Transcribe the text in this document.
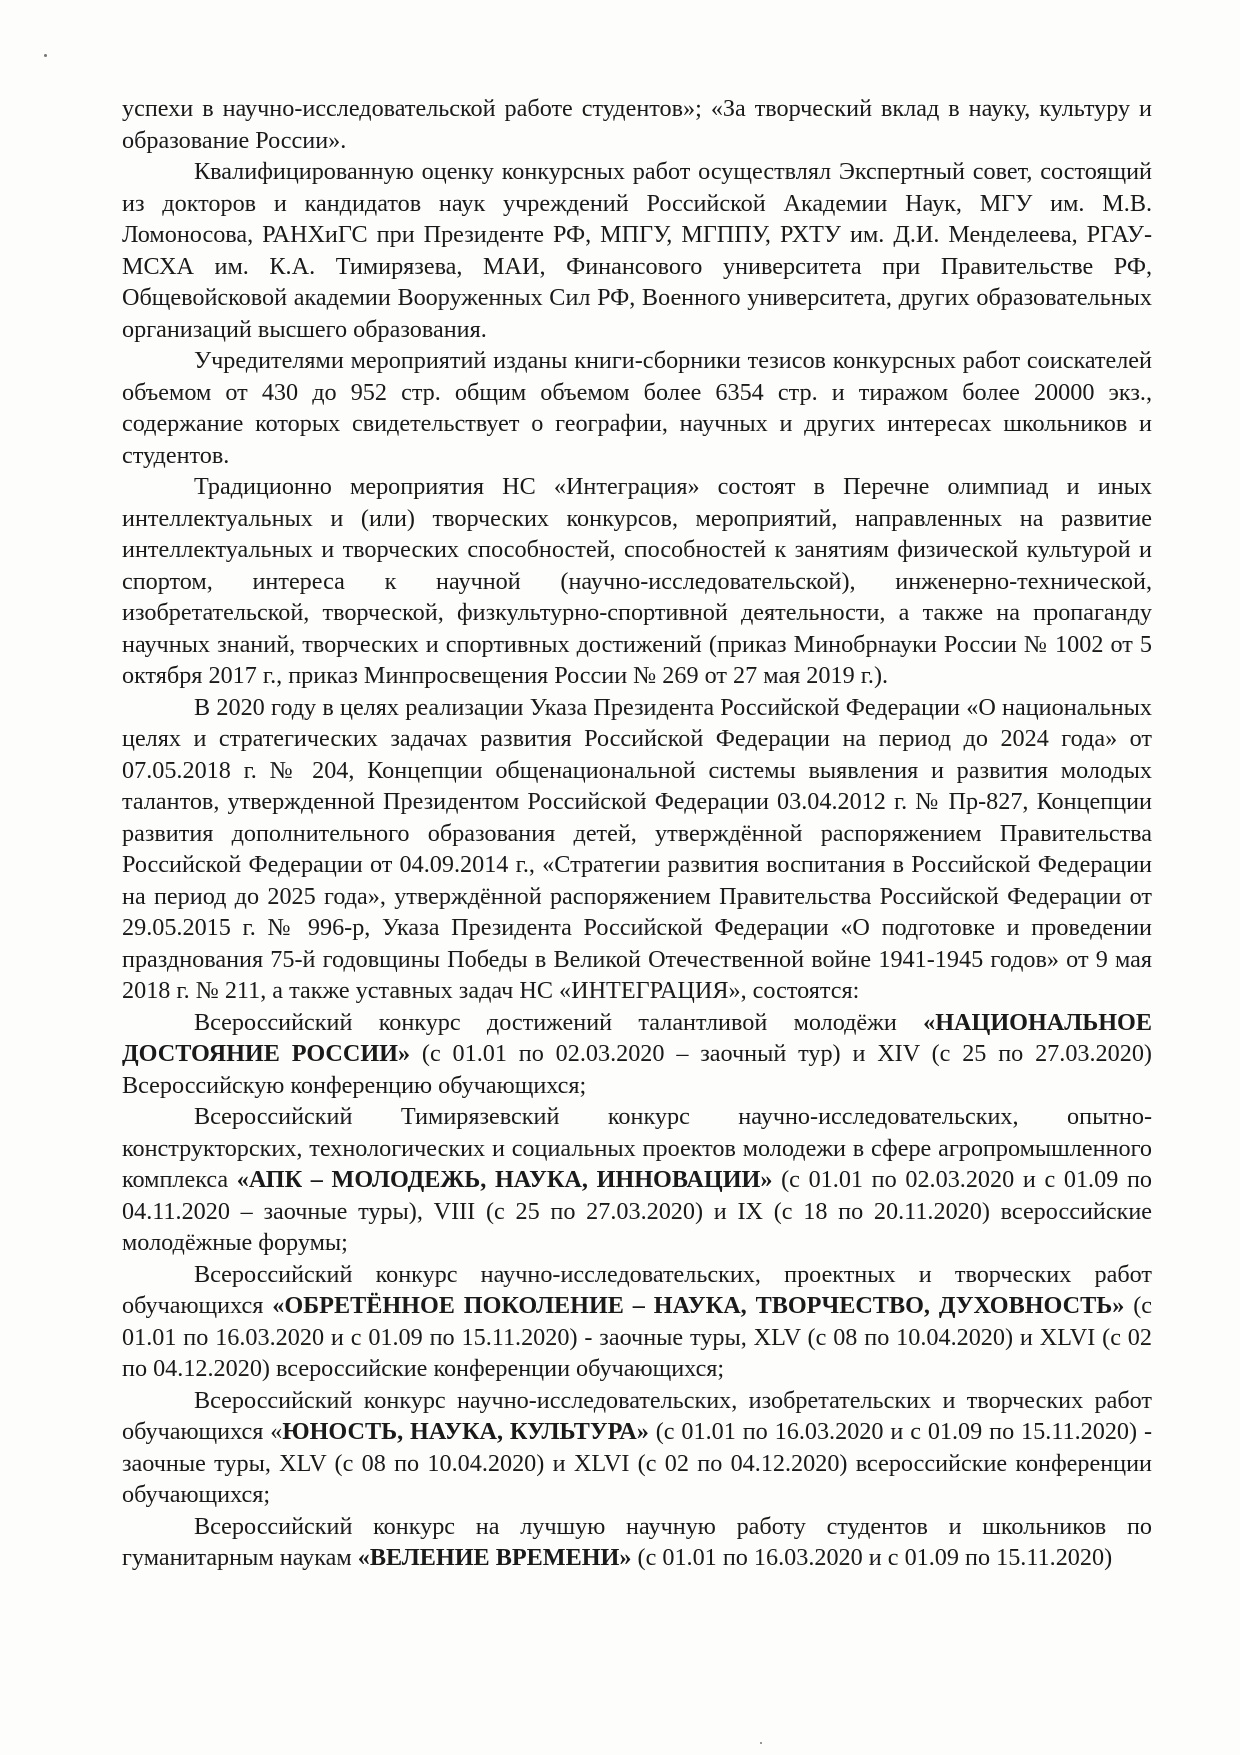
успехи в научно-исследовательской работе студентов»; «За творческий вклад в науку, культуру и образование России».

Квалифицированную оценку конкурсных работ осуществлял Экспертный совет, состоящий из докторов и кандидатов наук учреждений Российской Академии Наук, МГУ им. М.В. Ломоносова, РАНХиГС при Президенте РФ, МПГУ, МГППУ, РХТУ им. Д.И. Менделеева, РГАУ-МСХА им. К.А. Тимирязева, МАИ, Финансового университета при Правительстве РФ, Общевойсковой академии Вооруженных Сил РФ, Военного университета, других образовательных организаций высшего образования.

Учредителями мероприятий изданы книги-сборники тезисов конкурсных работ соискателей объемом от 430 до 952 стр. общим объемом более 6354 стр. и тиражом более 20000 экз., содержание которых свидетельствует о географии, научных и других интересах школьников и студентов.

Традиционно мероприятия НС «Интеграция» состоят в Перечне олимпиад и иных интеллектуальных и (или) творческих конкурсов, мероприятий, направленных на развитие интеллектуальных и творческих способностей, способностей к занятиям физической культурой и спортом, интереса к научной (научно-исследовательской), инженерно-технической, изобретательской, творческой, физкультурно-спортивной деятельности, а также на пропаганду научных знаний, творческих и спортивных достижений (приказ Минобрнауки России № 1002 от 5 октября 2017 г., приказ Минпросвещения России № 269 от 27 мая 2019 г.).

В 2020 году в целях реализации Указа Президента Российской Федерации «О национальных целях и стратегических задачах развития Российской Федерации на период до 2024 года» от 07.05.2018 г. № 204, Концепции общенациональной системы выявления и развития молодых талантов, утвержденной Президентом Российской Федерации 03.04.2012 г. № Пр-827, Концепции развития дополнительного образования детей, утверждённой распоряжением Правительства Российской Федерации от 04.09.2014 г., «Стратегии развития воспитания в Российской Федерации на период до 2025 года», утверждённой распоряжением Правительства Российской Федерации от 29.05.2015 г. № 996-р, Указа Президента Российской Федерации «О подготовке и проведении празднования 75-й годовщины Победы в Великой Отечественной войне 1941-1945 годов» от 9 мая 2018 г. № 211, а также уставных задач НС «ИНТЕГРАЦИЯ», состоятся:

Всероссийский конкурс достижений талантливой молодёжи «НАЦИОНАЛЬНОЕ ДОСТОЯНИЕ РОССИИ» (с 01.01 по 02.03.2020 – заочный тур) и XIV (с 25 по 27.03.2020) Всероссийскую конференцию обучающихся;

Всероссийский Тимирязевский конкурс научно-исследовательских, опытно-конструкторских, технологических и социальных проектов молодежи в сфере агропромышленного комплекса «АПК – МОЛОДЕЖЬ, НАУКА, ИННОВАЦИИ» (с 01.01 по 02.03.2020 и с 01.09 по 04.11.2020 – заочные туры), VIII (с 25 по 27.03.2020) и IX (с 18 по 20.11.2020) всероссийские молодёжные форумы;

Всероссийский конкурс научно-исследовательских, проектных и творческих работ обучающихся «ОБРЕТЁННОЕ ПОКОЛЕНИЕ – НАУКА, ТВОРЧЕСТВО, ДУХОВНОСТЬ» (с 01.01 по 16.03.2020 и с 01.09 по 15.11.2020) - заочные туры, XLV (с 08 по 10.04.2020) и XLVI (с 02 по 04.12.2020) всероссийские конференции обучающихся;

Всероссийский конкурс научно-исследовательских, изобретательских и творческих работ обучающихся «ЮНОСТЬ, НАУКА, КУЛЬТУРА» (с 01.01 по 16.03.2020 и с 01.09 по 15.11.2020) - заочные туры, XLV (с 08 по 10.04.2020) и XLVI (с 02 по 04.12.2020) всероссийские конференции обучающихся;

Всероссийский конкурс на лучшую научную работу студентов и школьников по гуманитарным наукам «ВЕЛЕНИЕ ВРЕМЕНИ» (с 01.01 по 16.03.2020 и с 01.09 по 15.11.2020)
